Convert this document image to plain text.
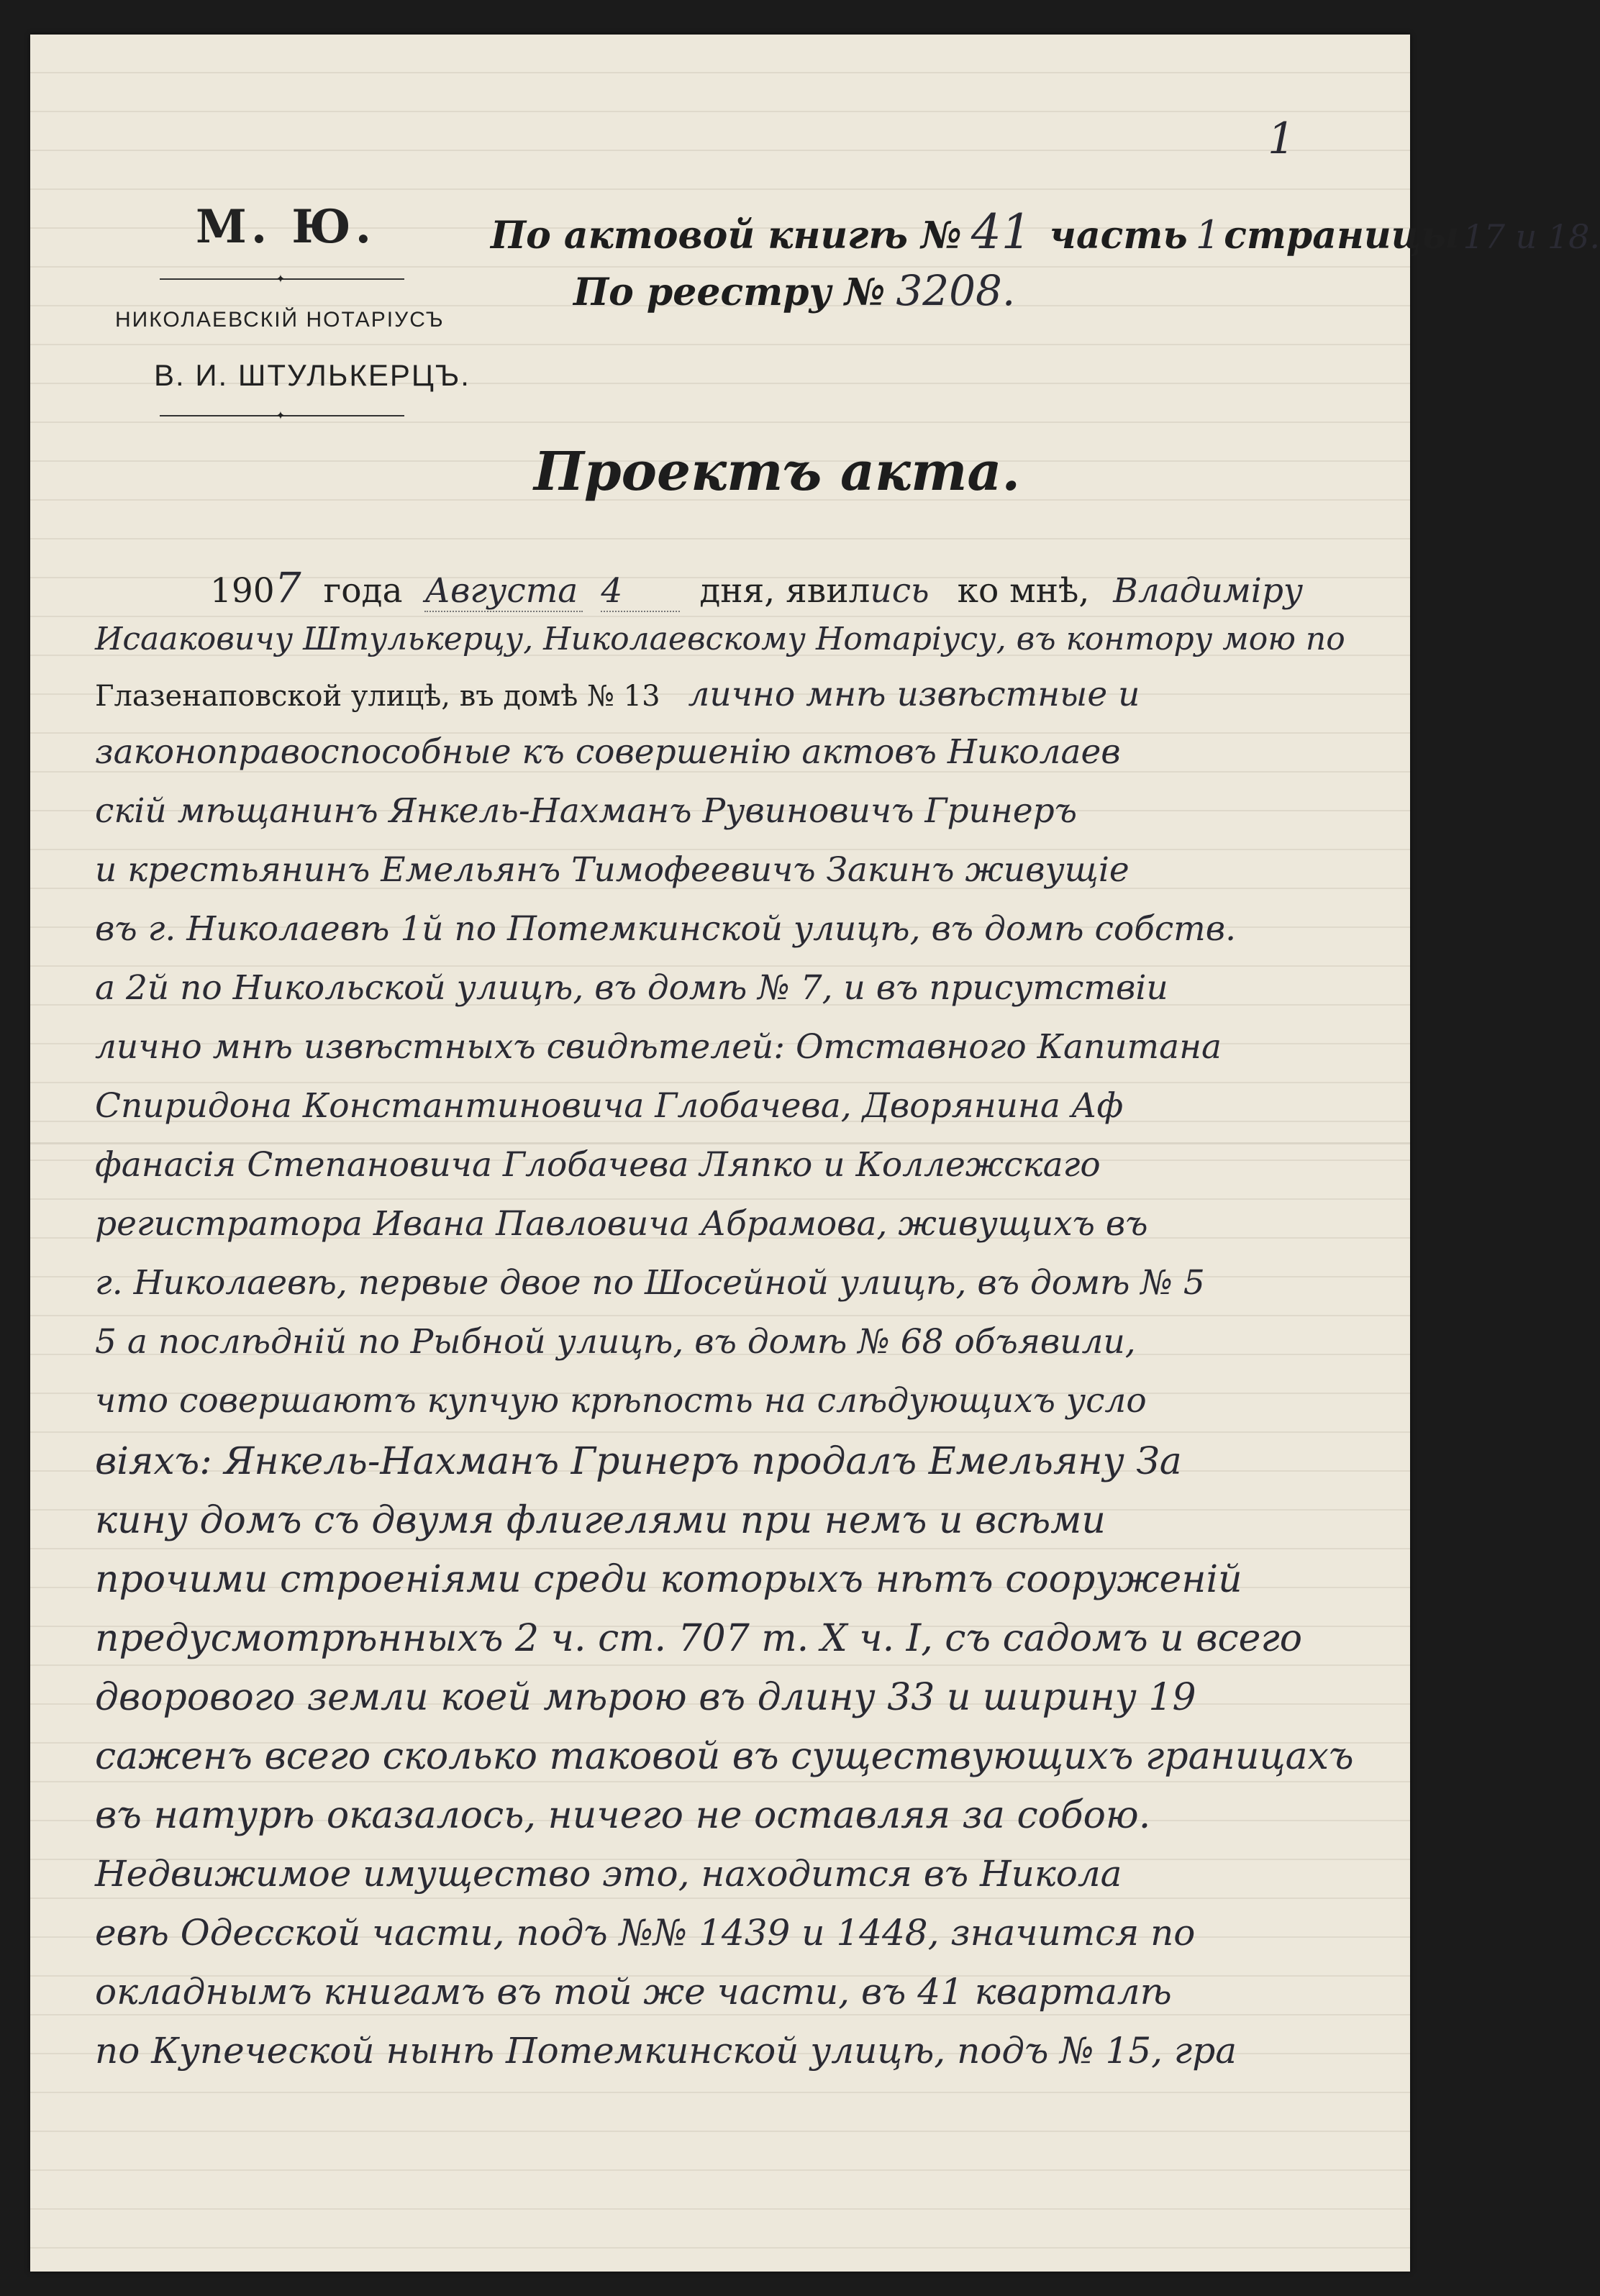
1
М. Ю.
✦
НИКОЛАЕВСКІЙ НОТАРІУСЪ
В. И. ШТУЛЬКЕРЦЪ.
✦
По актовой книгѣ № 41 часть 1 страницы 17 и 18.
По реестру № 3208.
Проектъ акта.
1907 года Августа 4 дня, явились ко мнѣ, Владиміру
Исааковичу Штулькерцу, Николаевскому Нотаріусу, въ контору мою по
Глазенаповской улицѣ, въ домѣ № 13 лично мнѣ извѣстные и
законоправоспособные къ совершенію актовъ Николаев
скій мѣщанинъ Янкель-Нахманъ Рувиновичъ Гринеръ
и крестьянинъ Емельянъ Тимофеевичъ Закинъ живущіе
въ г. Николаевѣ 1й по Потемкинской улицѣ, въ домѣ собств.
а 2й по Никольской улицѣ, въ домѣ № 7, и въ присутствіи
лично мнѣ извѣстныхъ свидѣтелей: Отставного Капитана
Спиридона Константиновича Глобачева, Дворянина Аф
фанасія Степановича Глобачева Ляпко и Коллежскаго
регистратора Ивана Павловича Абрамова, живущихъ въ
г. Николаевѣ, первые двое по Шосейной улицѣ, въ домѣ № 5
5 а послѣдній по Рыбной улицѣ, въ домѣ № 68 объявили,
что совершаютъ купчую крѣпость на слѣдующихъ усло
віяхъ: Янкель-Нахманъ Гринеръ продалъ Емельяну За
кину домъ съ двумя флигелями при немъ и всѣми
прочими строеніями среди которыхъ нѣтъ сооруженій
предусмотрѣнныхъ 2 ч. ст. 707 т. X ч. I, съ садомъ и всего
дворового земли коей мѣрою въ длину 33 и ширину 19
саженъ всего сколько таковой въ существующихъ границахъ
въ натурѣ оказалось, ничего не оставляя за собою.
Недвижимое имущество это, находится въ Никола
евѣ Одесской части, подъ №№ 1439 и 1448, значится по
окладнымъ книгамъ въ той же части, въ 41 кварталѣ
по Купеческой нынѣ Потемкинской улицѣ, подъ № 15, гра
